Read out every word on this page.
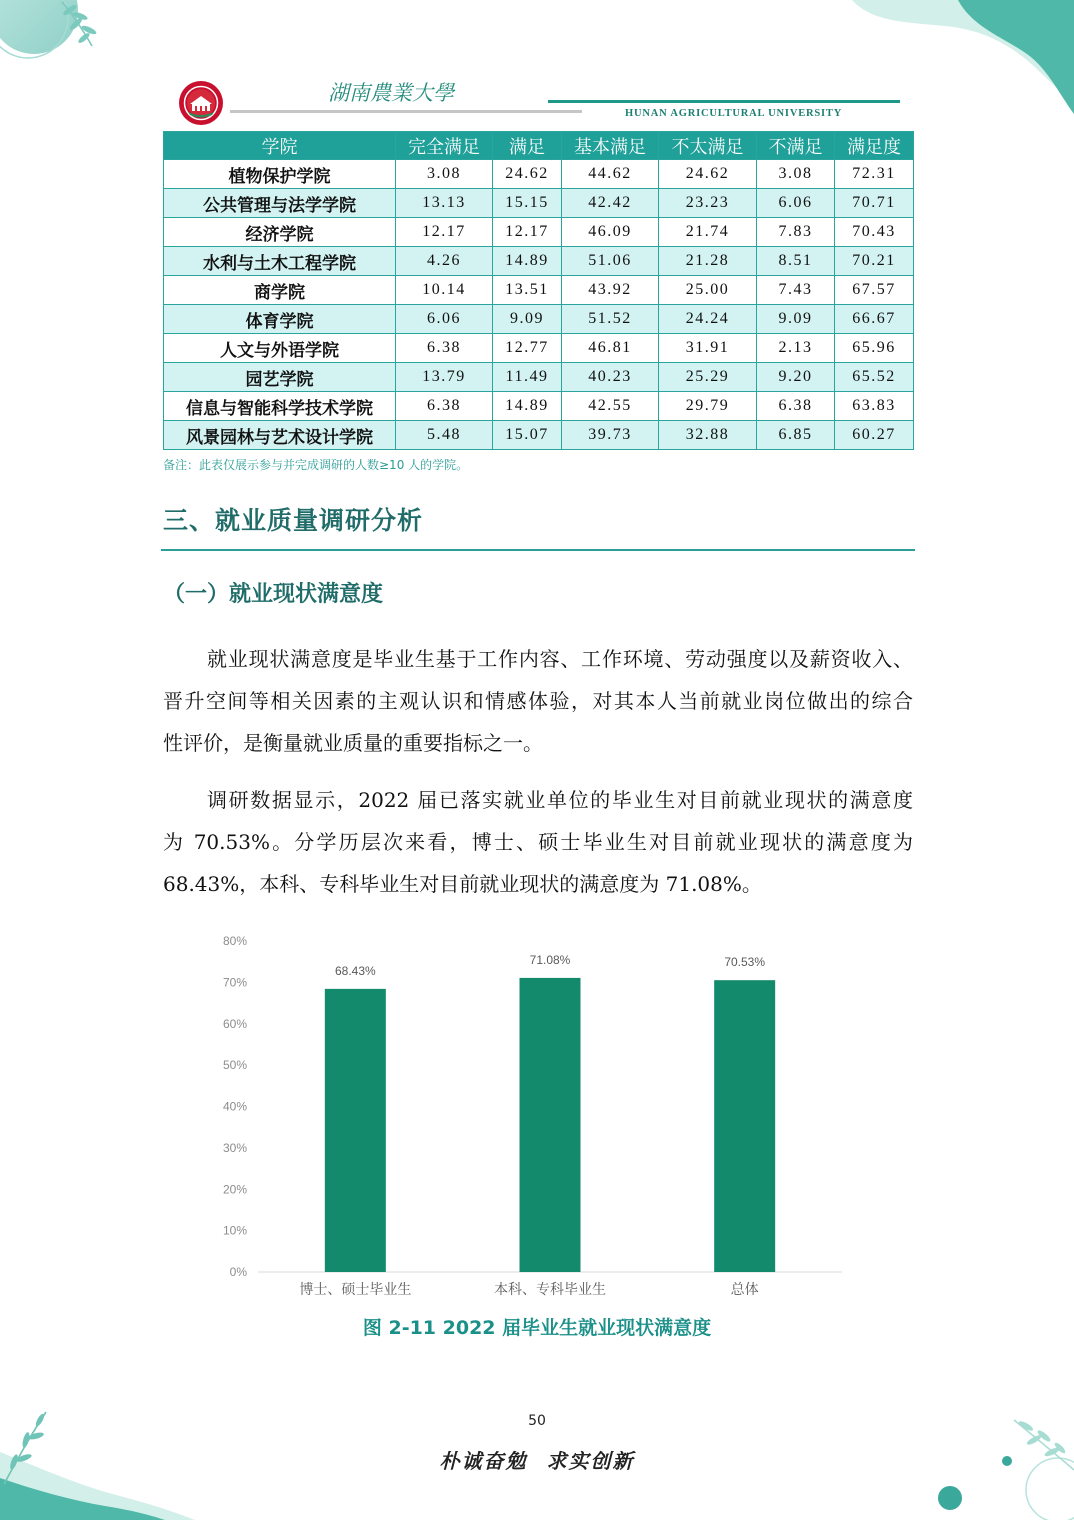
湖南農業大學
HUNAN AGRICULTURAL UNIVERSITY
学院	完全满足	满足	基本满足	不太满足	不满足	满足度
植物保护学院	3.08	24.62	44.62	24.62	3.08	72.31
公共管理与法学学院	13.13	15.15	42.42	23.23	6.06	70.71
经济学院	12.17	12.17	46.09	21.74	7.83	70.43
水利与土木工程学院	4.26	14.89	51.06	21.28	8.51	70.21
商学院	10.14	13.51	43.92	25.00	7.43	67.57
体育学院	6.06	9.09	51.52	24.24	9.09	66.67
人文与外语学院	6.38	12.77	46.81	31.91	2.13	65.96
园艺学院	13.79	11.49	40.23	25.29	9.20	65.52
信息与智能科学技术学院	6.38	14.89	42.55	29.79	6.38	63.83
风景园林与艺术设计学院	5.48	15.07	39.73	32.88	6.85	60.27
备注：此表仅展示参与并完成调研的人数≥10 人的学院。
三、就业质量调研分析
（一）就业现状满意度
就业现状满意度是毕业生基于工作内容、工作环境、劳动强度以及薪资收入、
晋升空间等相关因素的主观认识和情感体验，对其本人当前就业岗位做出的综合
性评价，是衡量就业质量的重要指标之一。
调研数据显示，2022 届已落实就业单位的毕业生对目前就业现状的满意度
为 70.53%。分学历层次来看，博士、硕士毕业生对目前就业现状的满意度为
68.43%，本科、专科毕业生对目前就业现状的满意度为 71.08%。
0%
10%
20%
30%
40%
50%
60%
70%
80%
68.43%
博士、硕士毕业生
71.08%
本科、专科毕业生
70.53%
总体
图 2-11 2022 届毕业生就业现状满意度
50
朴诚奋勉 求实创新
